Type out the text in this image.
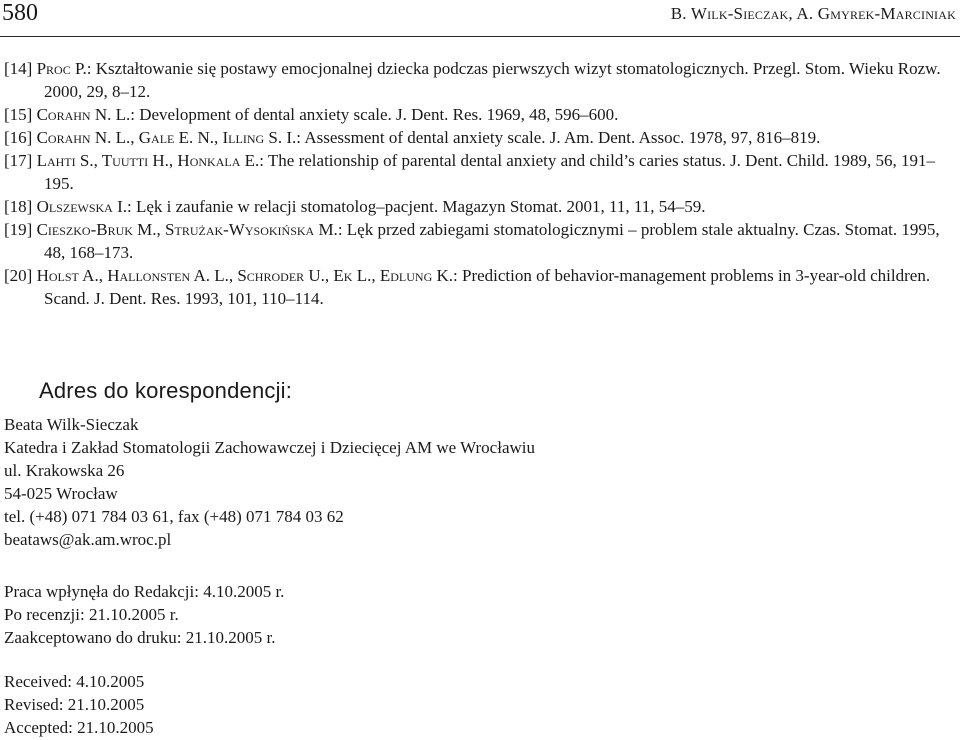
580	B. Wilk-Sieczak, A. Gmyrek-Marciniak
[14] Proc P.: Kształtowanie się postawy emocjonalnej dziecka podczas pierwszych wizyt stomatologicznych. Przegl. Stom. Wieku Rozw. 2000, 29, 8–12.
[15] Corahn N. L.: Development of dental anxiety scale. J. Dent. Res. 1969, 48, 596–600.
[16] Corahn N. L., Gale E. N., Illing S. I.: Assessment of dental anxiety scale. J. Am. Dent. Assoc. 1978, 97, 816–819.
[17] Lahti S., Tuutti H., Honkala E.: The relationship of parental dental anxiety and child’s caries status. J. Dent. Child. 1989, 56, 191–195.
[18] Olszewska I.: Lęk i zaufanie w relacji stomatolog–pacjent. Magazyn Stomat. 2001, 11, 11, 54–59.
[19] Cieszko-Bruk M., Strużak-Wysokińska M.: Lęk przed zabiegami stomatologicznymi – problem stale aktualny. Czas. Stomat. 1995, 48, 168–173.
[20] Holst A., Hallonsten A. L., Schroder U., Ek L., Edlung K.: Prediction of behavior-management problems in 3-year-old children. Scand. J. Dent. Res. 1993, 101, 110–114.
Adres do korespondencji:
Beata Wilk-Sieczak
Katedra i Zakład Stomatologii Zachowawczej i Dziecięcej AM we Wrocławiu
ul. Krakowska 26
54-025 Wrocław
tel. (+48) 071 784 03 61, fax (+48) 071 784 03 62
beataws@ak.am.wroc.pl
Praca wpłynęła do Redakcji: 4.10.2005 r.
Po recenzji: 21.10.2005 r.
Zaakceptowano do druku: 21.10.2005 r.
Received: 4.10.2005
Revised: 21.10.2005
Accepted: 21.10.2005
